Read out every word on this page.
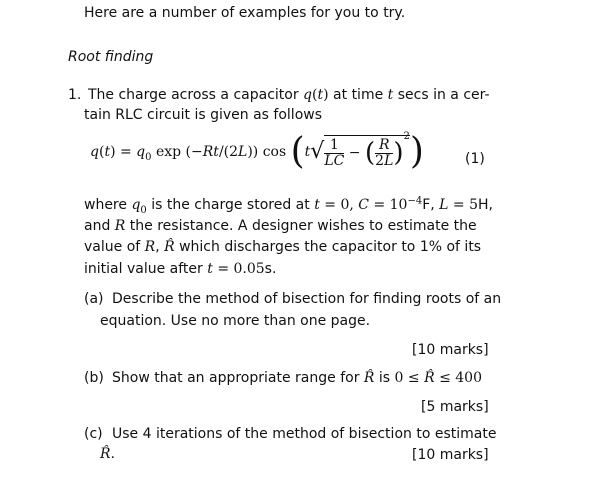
Here are a number of examples for you to try.
Root finding
1. The charge across a capacitor q(t) at time t secs in a cer-
tain RLC circuit is given as follows
$q(t) = q_0$ exp (−Rt/(2L)) $\cos (t√ \frac{1}{LC}$ − ( $\frac{R}{2L} )^2$)	(1)
where $q_0$ is the charge stored at t = 0, $C = 10^{-4}F$, L = 5H,
and R the resistance. A designer wishes to estimate the
value of R, R̂ which discharges the capacitor to 1% of its
initial value after t = 0.05s.
(a) Describe the method of bisection for finding roots of an
equation. Use no more than one page.
[10 marks]
(b) Show that an appropriate range for R̂ is 0 ≤ R̂ ≤ 400
[5 marks]
(c) Use 4 iterations of the method of bisection to estimate
R̂.	[10 marks]
